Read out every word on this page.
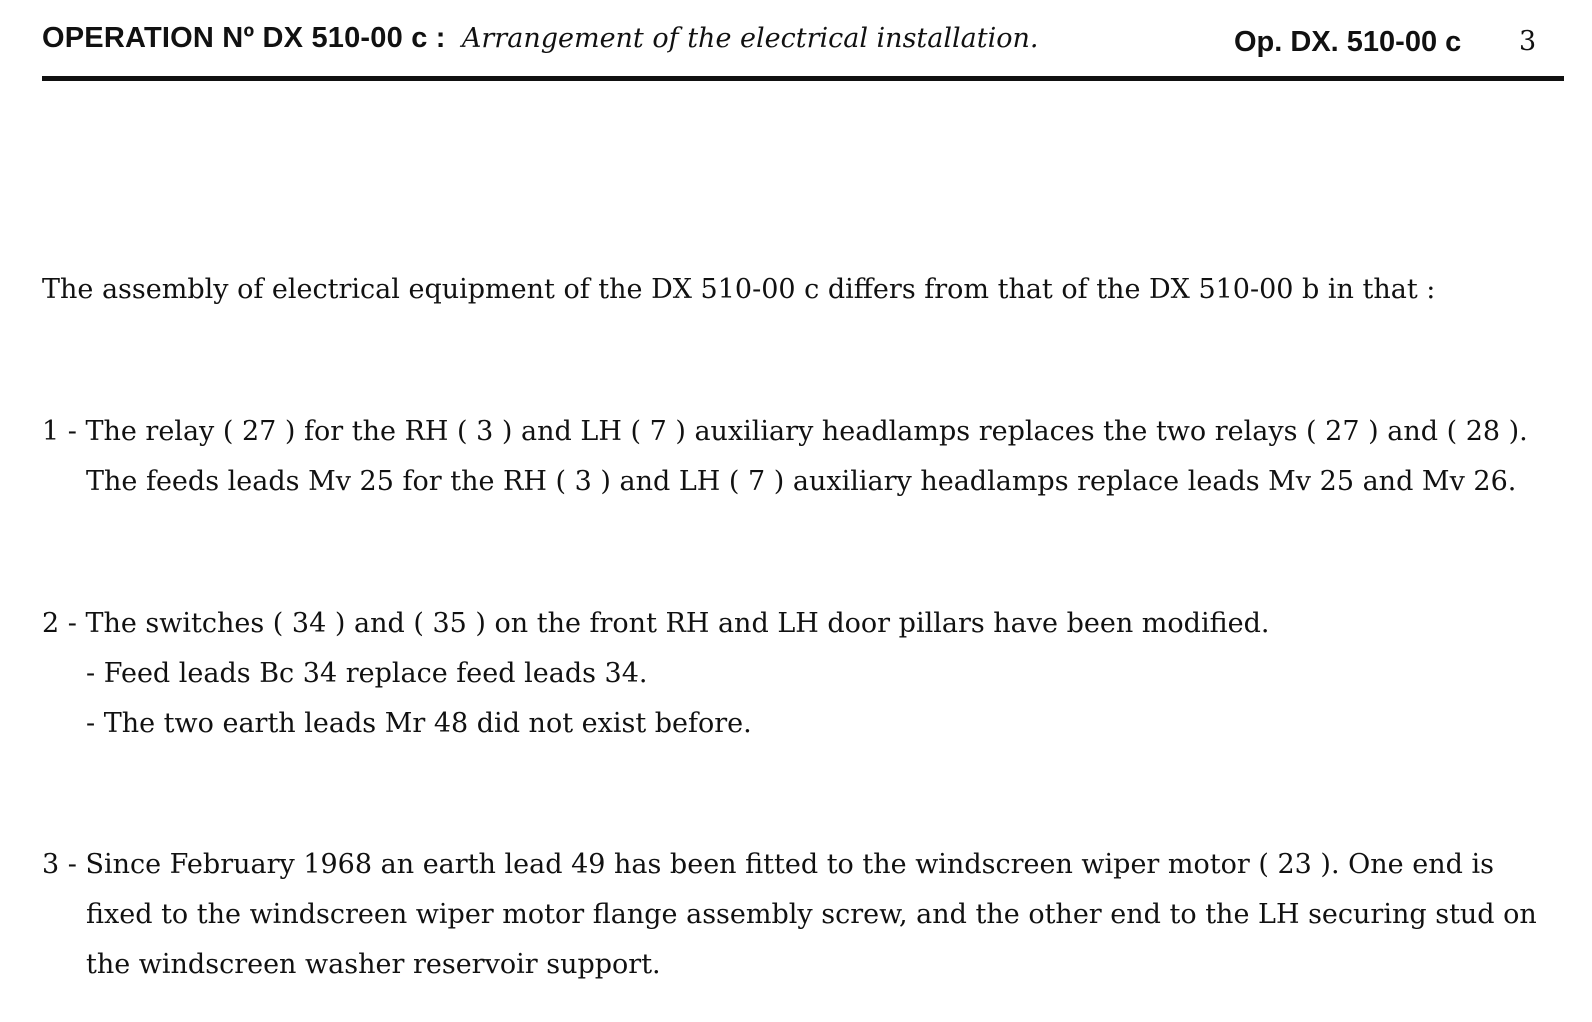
OPERATION Nº DX 510-00 c : Arrangement of the electrical installation.	Op. DX. 510-00 c 3
The assembly of electrical equipment of the DX 510-00 c differs from that of the DX 510-00 b in that :
1 - The relay ( 27 ) for the RH ( 3 ) and LH ( 7 ) auxiliary headlamps replaces the two relays ( 27 ) and ( 28 ).
The feeds leads Mv 25 for the RH ( 3 ) and LH ( 7 ) auxiliary headlamps replace leads Mv 25 and Mv 26.
2 - The switches ( 34 ) and ( 35 ) on the front RH and LH door pillars have been modified.
- Feed leads Bc 34 replace feed leads 34.
- The two earth leads Mr 48 did not exist before.
3 - Since February 1968 an earth lead 49 has been fitted to the windscreen wiper motor ( 23 ). One end is
fixed to the windscreen wiper motor flange assembly screw, and the other end to the LH securing stud on
the windscreen washer reservoir support.
